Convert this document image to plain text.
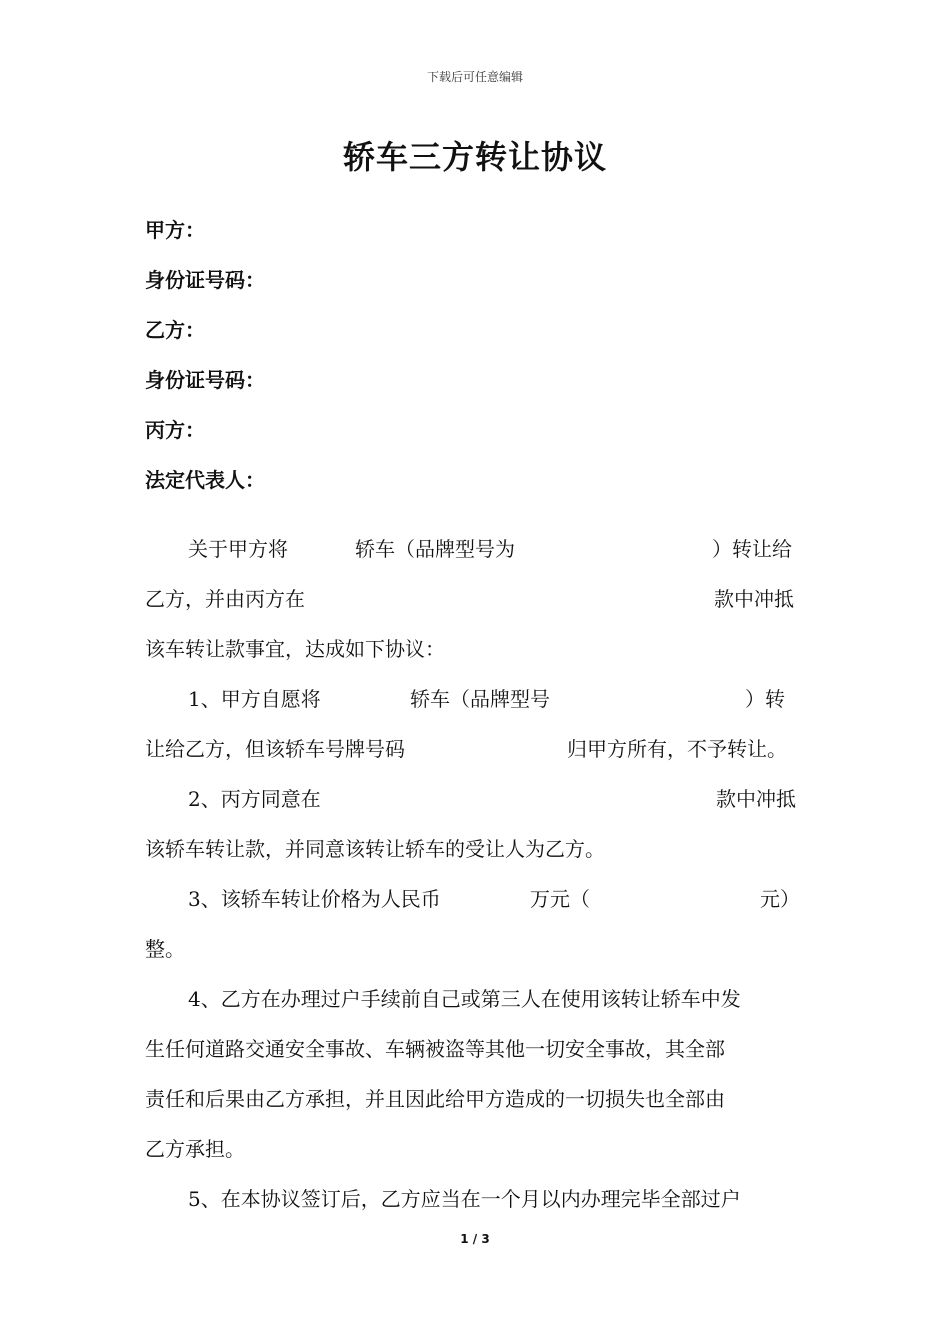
下载后可任意编辑
轿车三方转让协议
甲方：
身份证号码：
乙方：
身份证号码：
丙方：
法定代表人：
关于甲方将	轿车（品牌型号为	）转让给
乙方，并由丙方在	款中冲抵
该车转让款事宜，达成如下协议：
1、甲方自愿将	轿车（品牌型号	）转
让给乙方，但该轿车号牌号码	归甲方所有，不予转让。
2、丙方同意在	款中冲抵
该轿车转让款，并同意该转让轿车的受让人为乙方。
3、该轿车转让价格为人民币	万元（	元）
整。
4、乙方在办理过户手续前自己或第三人在使用该转让轿车中发
生任何道路交通安全事故、车辆被盗等其他一切安全事故，其全部
责任和后果由乙方承担，并且因此给甲方造成的一切损失也全部由
乙方承担。
5、在本协议签订后，乙方应当在一个月以内办理完毕全部过户
1 / 3
